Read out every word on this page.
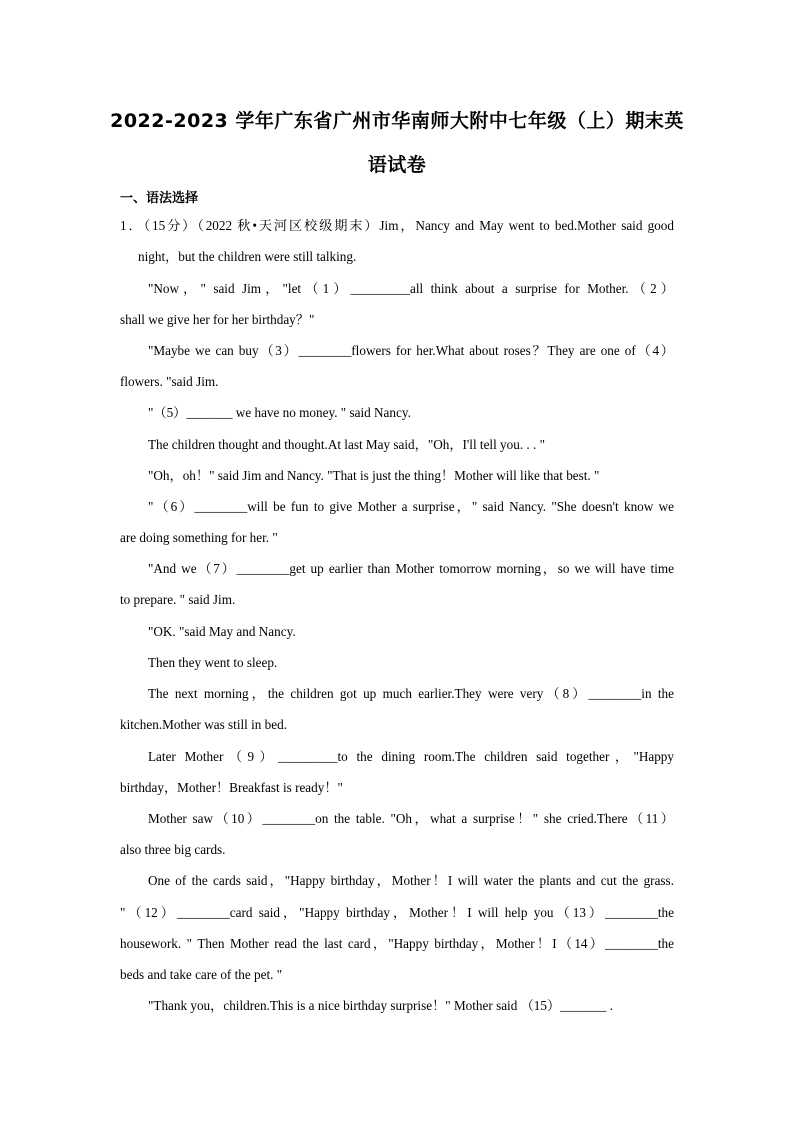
2022-2023 学年广东省广州市华南师大附中七年级（上）期末英
语试卷
一、语法选择
1．（15分）（2022 秋•天河区校级期末）Jim，Nancy and May went to bed.Mother said good
night，but the children were still talking.
"Now，" said Jim，"let（1）_________all think about a surprise for Mother.（2）
shall we give her for her birthday？"
"Maybe we can buy（3）________flowers for her.What about roses？They are one of（4）
flowers. "said Jim.
"（5）_______ we have no money. " said Nancy.
The children thought and thought.At last May said，"Oh，I'll tell you. . . "
"Oh，oh！" said Jim and Nancy. "That is just the thing！Mother will like that best. "
"（6）________will be fun to give Mother a surprise，" said Nancy. "She doesn't know we
are doing something for her. "
"And we（7）________get up earlier than Mother tomorrow morning，so we will have time
to prepare. " said Jim.
"OK. "said May and Nancy.
Then they went to sleep.
The next morning，the children got up much earlier.They were very（8）________in the
kitchen.Mother was still in bed.
Later Mother（9）_________to the dining room.The children said together，"Happy
birthday，Mother！Breakfast is ready！"
Mother saw（10）________on the table. "Oh，what a surprise！" she cried.There（11）
also three big cards.
One of the cards said，"Happy birthday，Mother！I will water the plants and cut the grass.
"（12）________card said，"Happy birthday，Mother！I will help you（13）________the
housework. " Then Mother read the last card，"Happy birthday，Mother！I（14）________the
beds and take care of the pet. "
"Thank you，children.This is a nice birthday surprise！" Mother said （15）_______ .
